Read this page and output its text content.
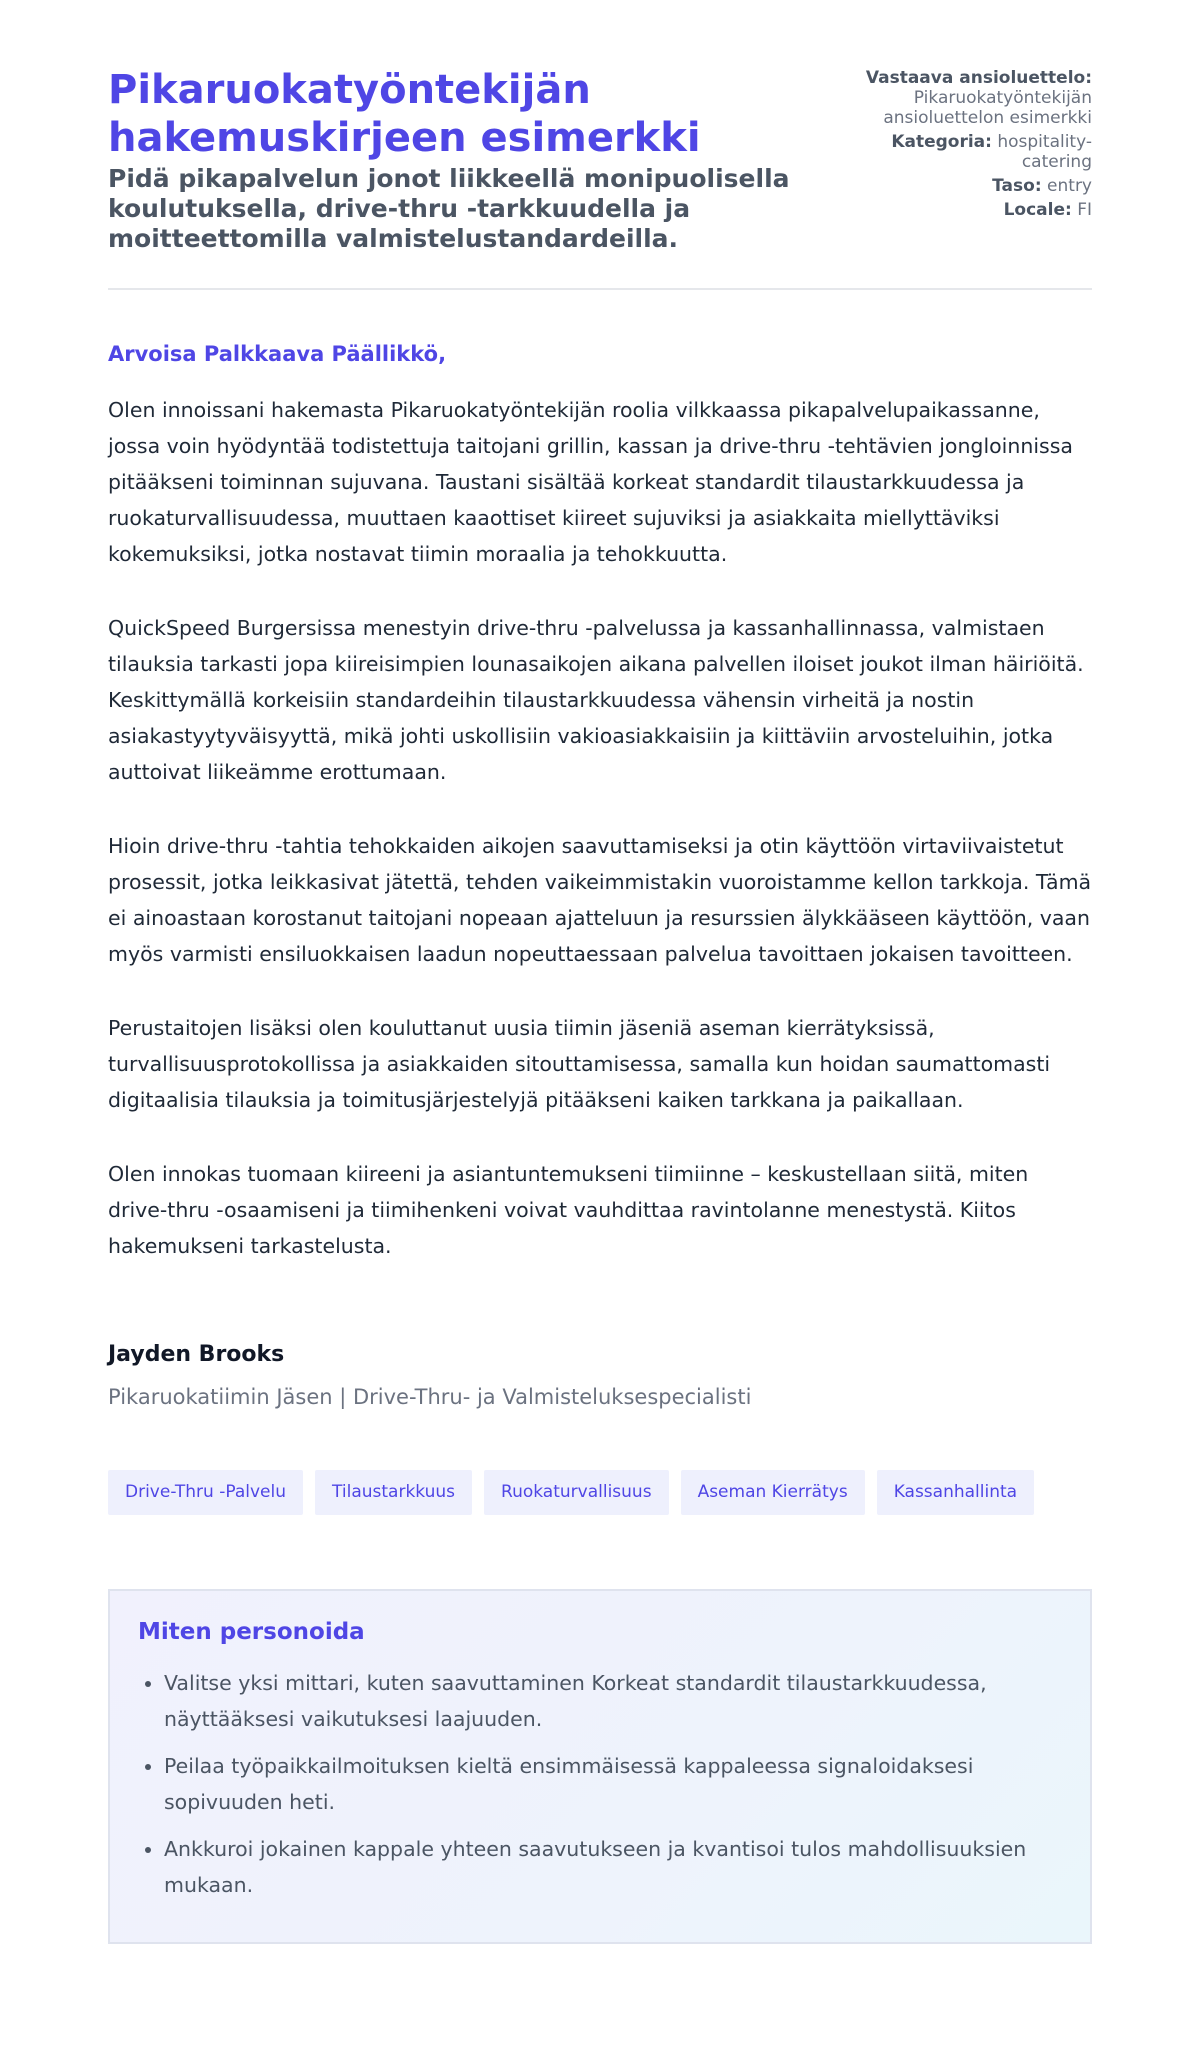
Pikaruokatyöntekijän hakemuskirjeen esimerkki

Pidä pikapalvelun jonot liikkeellä monipuolisella koulutuksella, drive-thru -tarkkuudella ja moitteettomilla valmistelustandardeilla.

Vastaava ansioluettelo:
Pikaruokatyöntekijän ansioluettelon esimerkki
Kategoria: hospitality-catering
Taso: entry
Locale: FI

Arvoisa Palkkaava Päällikkö,

Olen innoissani hakemasta Pikaruokatyöntekijän roolia vilkkaassa pikapalvelupaikassanne, jossa voin hyödyntää todistettuja taitojani grillin, kassan ja drive-thru -tehtävien jongloinnissa pitääkseni toiminnan sujuvana. Taustani sisältää korkeat standardit tilaustarkkuudessa ja ruokaturvallisuudessa, muuttaen kaaottiset kiireet sujuviksi ja asiakkaita miellyttäviksi kokemuksiksi, jotka nostavat tiimin moraalia ja tehokkuutta.

QuickSpeed Burgersissa menestyin drive-thru -palvelussa ja kassanhallinnassa, valmistaen tilauksia tarkasti jopa kiireisimpien lounasaikojen aikana palvellen iloiset joukot ilman häiriöitä. Keskittymällä korkeisiin standardeihin tilaustarkkuudessa vähensin virheitä ja nostin asiakastyytyväisyyttä, mikä johti uskollisiin vakioasiakkaisiin ja kiittäviin arvosteluihin, jotka auttoivat liikeämme erottumaan.

Hioin drive-thru -tahtia tehokkaiden aikojen saavuttamiseksi ja otin käyttöön virtaviivaistetut prosessit, jotka leikkasivat jätettä, tehden vaikeimmistakin vuoroistamme kellon tarkkoja. Tämä ei ainoastaan korostanut taitojani nopeaan ajatteluun ja resurssien älykkääseen käyttöön, vaan myös varmisti ensiluokkaisen laadun nopeuttaessaan palvelua tavoittaen jokaisen tavoitteen.

Perustaitojen lisäksi olen kouluttanut uusia tiimin jäseniä aseman kierrätyksissä, turvallisuusprotokollissa ja asiakkaiden sitouttamisessa, samalla kun hoidan saumattomasti digitaalisia tilauksia ja toimitusjärjestelyjä pitääkseni kaiken tarkkana ja paikallaan.

Olen innokas tuomaan kiireeni ja asiantuntemukseni tiimiinne – keskustellaan siitä, miten drive-thru -osaamiseni ja tiimihenkeni voivat vauhdittaa ravintolanne menestystä. Kiitos hakemukseni tarkastelusta.

Jayden Brooks

Pikaruokatiimin Jäsen | Drive-Thru- ja Valmisteluksespecialisti

Drive-Thru -Palvelu	Tilaustarkkuus	Ruokaturvallisuus	Aseman Kierrätys	Kassanhallinta
Miten personoida
• Valitse yksi mittari, kuten saavuttaminen Korkeat standardit tilaustarkkuudessa, näyttääksesi vaikutuksesi laajuuden.
• Peilaa työpaikkailmoituksen kieltä ensimmäisessä kappaleessa signaloidaksesi sopivuuden heti.
• Ankkuroi jokainen kappale yhteen saavutukseen ja kvantisoi tulos mahdollisuuksien mukaan.
